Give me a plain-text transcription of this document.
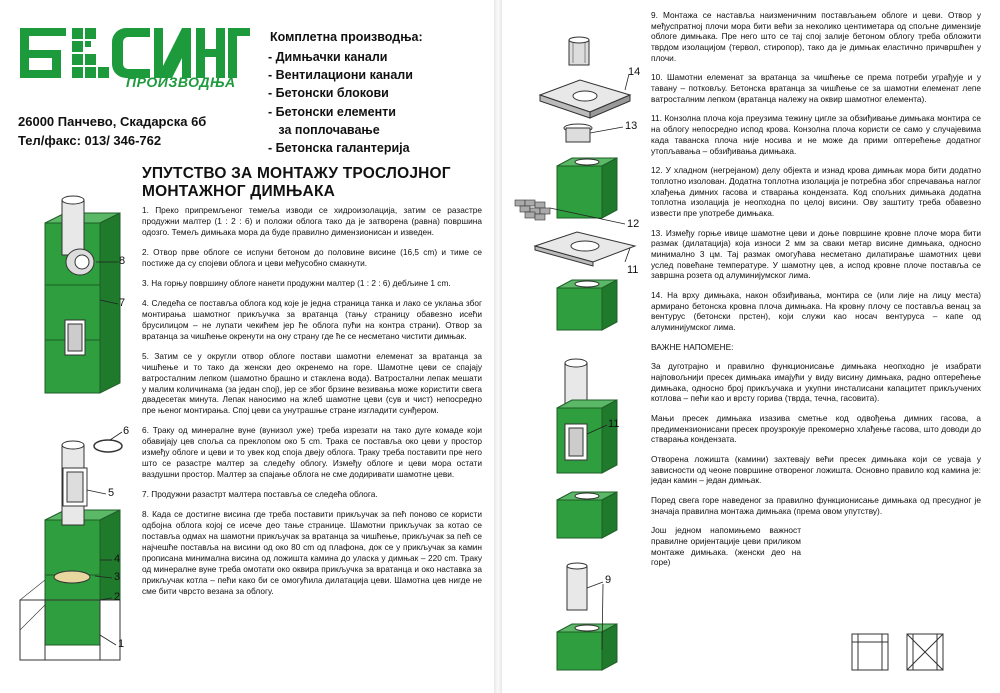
ПРОИЗВОДЊА
Комплетна производња:
- Димњачки канали
- Вентилациони канали
- Бетонски блокови
- Бетонски елементи
за поплочавање
- Бетонска галантерија
26000 Панчево, Скадарска 6б
Тел/факс: 013/ 346-762
УПУТСТВО ЗА МОНТАЖУ ТРОСЛОЈНОГ
МОНТАЖНОГ ДИМЊАКА

1. Преко припремљеног темеља изводи се хидроизолација, затим се разастре продужни малтер (1 : 2 : 6) и положи облога тако да је затворена (равна) површина одозго. Темељ димњака мора да буде правилно димензионисан и изведен.

2. Отвор прве облоге се испуни бетоном до половине висине (16,5 cm) и тиме се постиже да су спојеви облога и цеви међусобно смакнути.

3. На горњу површину облоге нанети продужни малтер (1 : 2 : 6) дебљине 1 cm.

4. Следећа се поставља облога код које је једна страница танка и лако се уклања због монтирања шамотног прикључка за вратанца (тању страницу обавезно исећи брусилицом – не лупати чекићем јер ће облога пући на контра страни). Отвор за вратанца за чишћење окренути на ону страну где ће се несметано чистити димњак.

5. Затим се у округли отвор облоге постави шамотни елеменат за вратанца за чишћење и то тако да женски део окренемо на горе. Шамотне цеви се спајају ватросталним лепком (шамотно брашно и стаклена вода). Ватростални лепак мешати у малим количинама (за један спој), јер се због брзине везивања може користити свега двадесетак минута. Лепак наносимо на жлеб шамотне цеви (сув и чист) непосредно пре њеног монтирања. Спој цеви са унутрашње стране изгладити сунђером.

6. Траку од минералне вуне (вунизол уже) треба изрезати на тако дуге комаде који обавијају цев споља са преклопом око 5 cm. Трака се поставља око цеви у простор између облоге и цеви и то увек код споја двеју облога. Траку треба поставити пре него што се разастре малтер за следећу облогу. Између облоге и цеви мора остати ваздушни простор. Малтер за спајање облога не сме додиривати шамотне цеви.

7. Продужни разастрт малтера поставља се следећа облога.

8. Када се достигне висина где треба поставити прикључак за пећ поново се користи одбојна облога којој се исече део тање странице. Шамотни прикључак за котао се поставља одмах на шамотни прикључак за вратанца за чишћење, прикључак за пећ се најчешће поставља на висини од око 80 cm од плафона, док се у прикључак за камин прописана минимална висина од ложишта камина до уласка у димњак – 220 cm. Траку од минералне вуне треба омотати око оквира прикључка за вратанца и око наставка за прикључак котла – пећи како би се омогућила дилатација цеви. Шамотна цев нигде не сме бити чврсто везана за облогу.

8
7
6
5
4
3
2
1
14
13
12
11
11
9

9. Монтажа се наставља наизменичним постављањем облоге и цеви. Отвор у међуспратној плочи мора бити већи за неколико центиметара од спољне димензије облоге димњака. Пре него што се тај спој залије бетоном облогу треба обложити тврдом изолацијом (тервол, стиропор), тако да је димњак еластично причвршћен у плочи.

10. Шамотни елеменат за вратанца за чишћење се према потреби уграђује и у тавану – потковљу. Бетонска вратанца за чишћење се за шамотни елеменат лепе ватросталним лепком (вратанца належу на оквир шамотног елемента).

11. Конзолна плоча која преузима тежину цигле за обзиђивање димњака монтира се на облогу непосредно испод крова. Конзолна плоча користи се само у случајевима када таванска плоча није носива и не може да прими оптерећење додатног утопљавања – обзиђивања димњака.

12. У хладном (негрејаном) делу објекта и изнад крова димњак мора бити додатно топлотно изолован. Додатна топлотна изолација је потребна због спречавања наглог хлађења димних гасова и стварања кондензата. Код спољних димњака додатна топлотна изолација је неопходна по целој висини. Ову заштиту треба обавезно извести пре употребе димњака.

13. Између горње ивице шамотне цеви и доње површине кровне плоче мора бити размак (дилатација) која износи 2 мм за сваки метар висине димњака, односно минимално 3 цм. Тај размак омогућава несметано дилатирање шамотних цеви услед повећане температуре. У шамотну цев, а испод кровне плоче поставља се завршна розета од алуминијумског лима.

14. На врху димњака, након обзиђивања, монтира се (или лије на лицу места) армирано бетонска кровна плоча димњака. На кровну плочу се поставља венац за вентурус (бетонски прстен), који служи као носач вентуруса – капе од алуминијумског лима.

ВАЖНЕ НАПОМЕНЕ:

За дуготрајно и правилно функционисање димњака неопходно је изабрати најповољнији пресек димњака имајући у виду висину димњака, радно оптерећење димњака, односно број прикључака и укупни инсталисани капацитет прикључених котлова – пећи као и врсту горива (тврда, течна, гасовита).

Мањи пресек димњака изазива сметње код одвођења димних гасова, а предимензионисани пресек проузрокује прекомерно хлађење гасова, што доводи до стварања кондензата.

Отворена ложишта (камини) захтевају већи пресек димњака који се усваја у зависности од чеоне површине отвореног ложишта. Основно правило код камина је: један камин – један димњак.

Поред свега горе наведеног за правилно функционисање димњака од пресудног је значаја правилна монтажа димњака (према овом упутству).

Још једном напомињемо важност правилне оријентације цеви приликом монтаже димњака. (женски део на горе)
